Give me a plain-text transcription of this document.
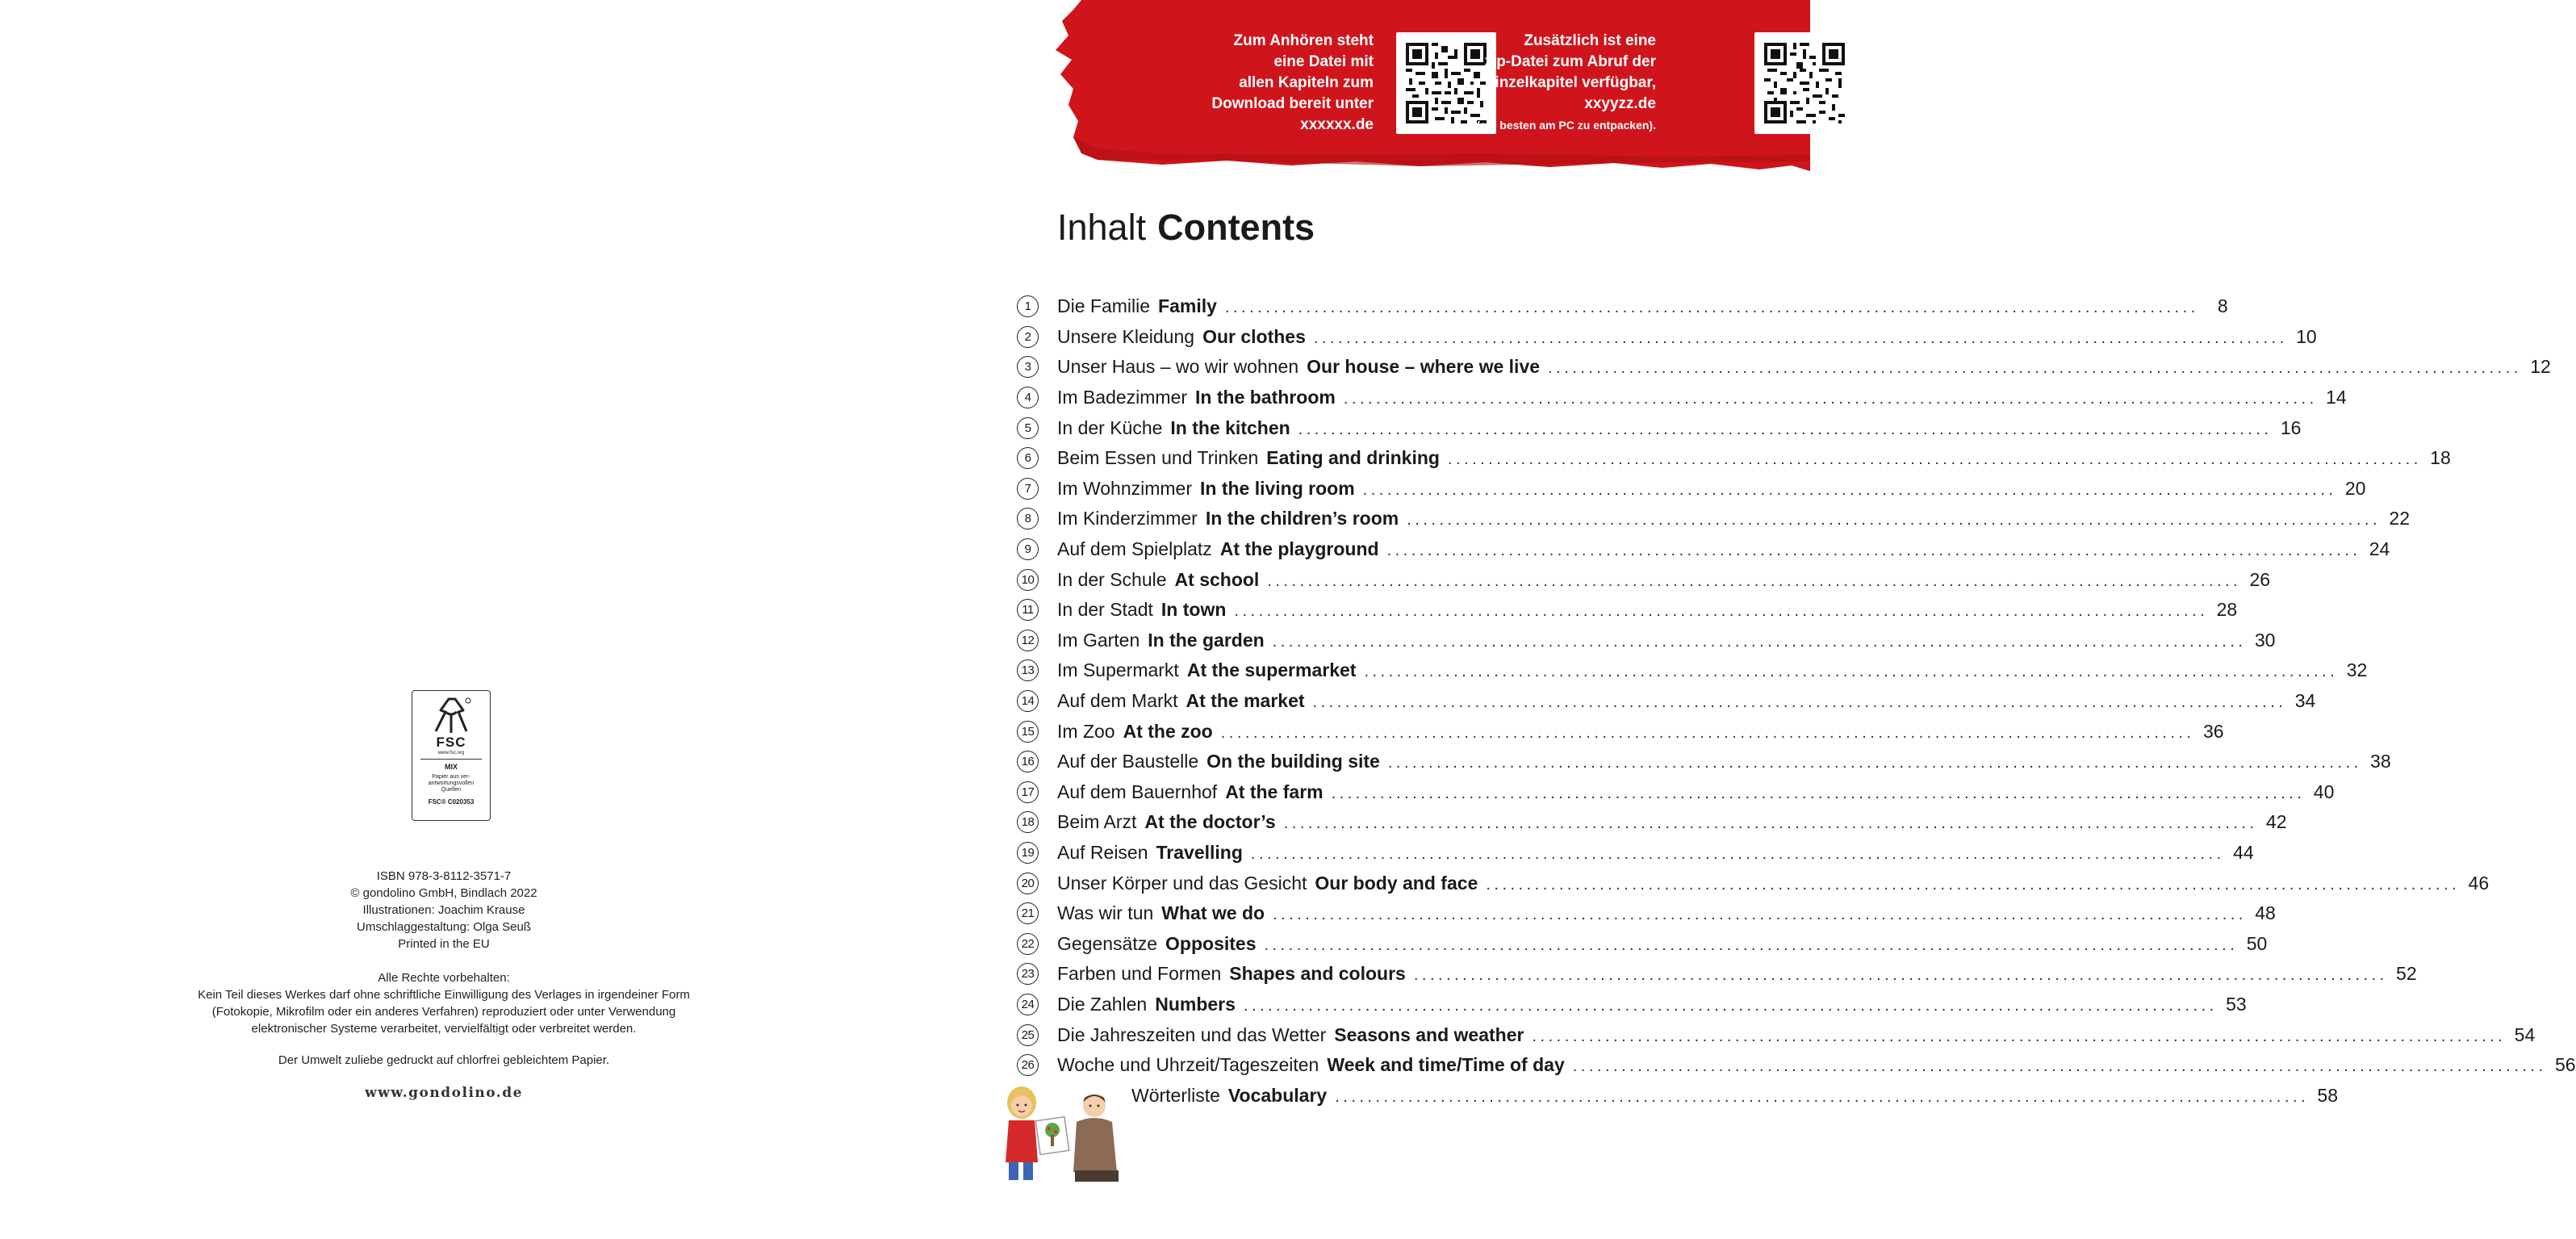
FSC
www.fsc.org
MIX
Papier aus ver-
antwortungsvollen
Quellen
FSC® C020353

ISBN 978-3-8112-3571-7

© gondolino GmbH, Bindlach 2022

Illustrationen: Joachim Krause

Umschlaggestaltung: Olga Seuß

Printed in the EU

Alle Rechte vorbehalten:

Kein Teil dieses Werkes darf ohne schriftliche Einwilligung des Verlages in irgendeiner Form

(Fotokopie, Mikrofilm oder ein anderes Verfahren) reproduziert oder unter Verwendung

elektronischer Systeme verarbeitet, vervielfältigt oder verbreitet werden.

Der Umwelt zuliebe gedruckt auf chlorfrei gebleichtem Papier.

www.gondolino.de
Zum Anhören steht
eine Datei mit
allen Kapiteln zum
Download bereit unter
xxxxxx.de
Zusätzlich ist eine
zip-Datei zum Abruf der
Einzelkapitel verfügbar,
xxyyzz.de
(am besten am PC zu entpacken).
Inhalt Contents
1	Die Familie Family ........................................................................................................................	8
2	Unsere Kleidung Our clothes ........................................................................................................................ 10
3	Unser Haus – wo wir wohnen Our house – where we live ........................................................................................................................ 12
4	Im Badezimmer In the bathroom ........................................................................................................................ 14
5	In der Küche In the kitchen ........................................................................................................................ 16
6	Beim Essen und Trinken Eating and drinking ........................................................................................................................ 18
7	Im Wohnzimmer In the living room ........................................................................................................................ 20
8	Im Kinderzimmer In the children’s room ........................................................................................................................ 22
9	Auf dem Spielplatz At the playground ........................................................................................................................ 24
10 In der Schule At school ........................................................................................................................ 26
11 In der Stadt In town ........................................................................................................................ 28
12 Im Garten In the garden ........................................................................................................................ 30
13 Im Supermarkt At the supermarket ........................................................................................................................ 32
14 Auf dem Markt At the market ........................................................................................................................ 34
15 Im Zoo At the zoo ........................................................................................................................ 36
16 Auf der Baustelle On the building site ........................................................................................................................ 38
17 Auf dem Bauernhof At the farm ........................................................................................................................ 40
18 Beim Arzt At the doctor’s ........................................................................................................................ 42
19 Auf Reisen Travelling ........................................................................................................................ 44
20 Unser Körper und das Gesicht Our body and face ........................................................................................................................ 46
21 Was wir tun What we do ........................................................................................................................ 48
22 Gegensätze Opposites ........................................................................................................................ 50
23 Farben und Formen Shapes and colours ........................................................................................................................ 52
24 Die Zahlen Numbers ........................................................................................................................ 53
25 Die Jahreszeiten und das Wetter Seasons and weather ........................................................................................................................ 54
26 Woche und Uhrzeit/Tageszeiten Week and time/Time of day ........................................................................................................................ 56
Wörterliste Vocabulary ........................................................................................................................ 58
